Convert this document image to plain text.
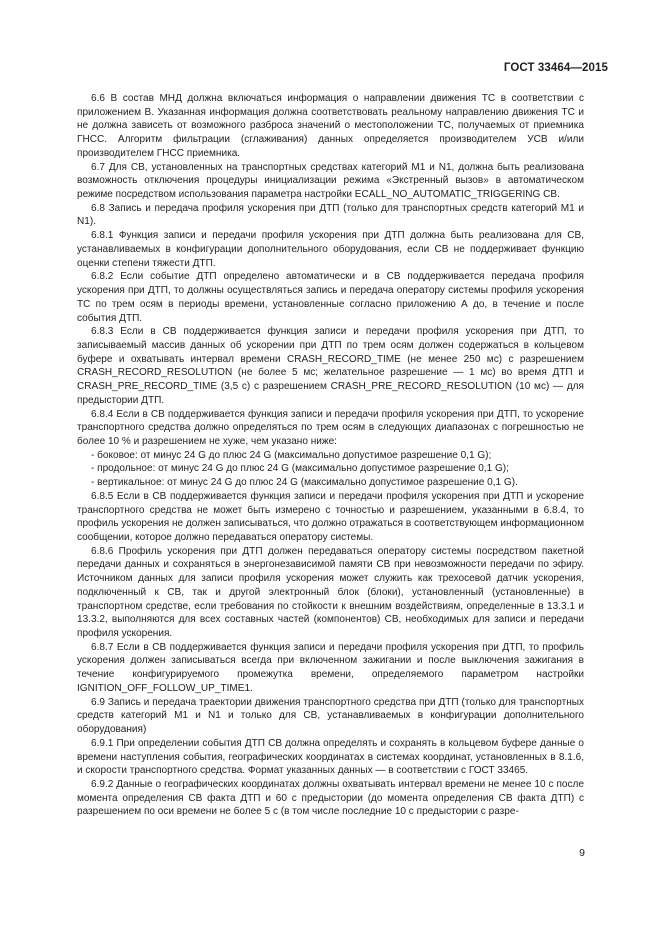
ГОСТ 33464—2015

6.6 В состав МНД должна включаться информация о направлении движения ТС в соответствии с приложением В. Указанная информация должна соответствовать реальному направлению движения ТС и не должна зависеть от возможного разброса значений о местоположении ТС, получаемых от приемника ГНСС. Алгоритм фильтрации (сглаживания) данных определяется производителем УСВ и/или производителем ГНСС приемника.

6.7 Для СВ, установленных на транспортных средствах категорий М1 и N1, должна быть реализована возможность отключения процедуры инициализации режима «Экстренный вызов» в автоматическом режиме посредством использования параметра настройки ECALL_NO_AUTOMATIC_TRIGGERING СВ.

6.8 Запись и передача профиля ускорения при ДТП (только для транспортных средств категорий М1 и N1).

6.8.1 Функция записи и передачи профиля ускорения при ДТП должна быть реализована для СВ, устанавливаемых в конфигурации дополнительного оборудования, если СВ не поддерживает функцию оценки степени тяжести ДТП.

6.8.2 Если событие ДТП определено автоматически и в СВ поддерживается передача профиля ускорения при ДТП, то должны осуществляться запись и передача оператору системы профиля ускорения ТС по трем осям в периоды времени, установленные согласно приложению А до, в течение и после события ДТП.

6.8.3 Если в СВ поддерживается функция записи и передачи профиля ускорения при ДТП, то записываемый массив данных об ускорении при ДТП по трем осям должен содержаться в кольцевом буфере и охватывать интервал времени CRASH_RECORD_TIME (не менее 250 мс) с разрешением CRASH_RECORD_RESOLUTION (не более 5 мс; желательное разрешение — 1 мс) во время ДТП и CRASH_PRE_RECORD_TIME (3,5 с) с разрешением CRASH_PRE_RECORD_RESOLUTION (10 мс) — для предыстории ДТП.

6.8.4 Если в СВ поддерживается функция записи и передачи профиля ускорения при ДТП, то ускорение транспортного средства должно определяться по трем осям в следующих диапазонах с погрешностью не более 10 % и разрешением не хуже, чем указано ниже:

- боковое: от минус 24 G до плюс 24 G (максимально допустимое разрешение 0,1 G);

- продольное: от минус 24 G до плюс 24 G (максимально допустимое разрешение 0,1 G);

- вертикальное: от минус 24 G до плюс 24 G (максимально допустимое разрешение 0,1 G).

6.8.5 Если в СВ поддерживается функция записи и передачи профиля ускорения при ДТП и ускорение транспортного средства не может быть измерено с точностью и разрешением, указанными в 6.8.4, то профиль ускорения не должен записываться, что должно отражаться в соответствующем информационном сообщении, которое должно передаваться оператору системы.

6.8.6 Профиль ускорения при ДТП должен передаваться оператору системы посредством пакетной передачи данных и сохраняться в энергонезависимой памяти СВ при невозможности передачи по эфиру. Источником данных для записи профиля ускорения может служить как трехосевой датчик ускорения, подключенный к СВ, так и другой электронный блок (блоки), установленный (установленные) в транспортном средстве, если требования по стойкости к внешним воздействиям, определенные в 13.3.1 и 13.3.2, выполняются для всех составных частей (компонентов) СВ, необходимых для записи и передачи профиля ускорения.

6.8.7 Если в СВ поддерживается функция записи и передачи профиля ускорения при ДТП, то профиль ускорения должен записываться всегда при включенном зажигании и после выключения зажигания в течение конфигурируемого промежутка времени, определяемого параметром настройки IGNITION_OFF_FOLLOW_UP_TIME1.

6.9 Запись и передача траектории движения транспортного средства при ДТП (только для транспортных средств категорий М1 и N1 и только для СВ, устанавливаемых в конфигурации дополнительного оборудования)

6.9.1 При определении события ДТП СВ должна определять и сохранять в кольцевом буфере данные о времени наступления события, географических координатах в системах координат, установленных в 8.1.6, и скорости транспортного средства. Формат указанных данных — в соответствии с ГОСТ 33465.

6.9.2 Данные о географических координатах должны охватывать интервал времени не менее 10 с после момента определения СВ факта ДТП и 60 с предыстории (до момента определения СВ факта ДТП) с разрешением по оси времени не более 5 с (в том числе последние 10 с предыстории с разре-

9
